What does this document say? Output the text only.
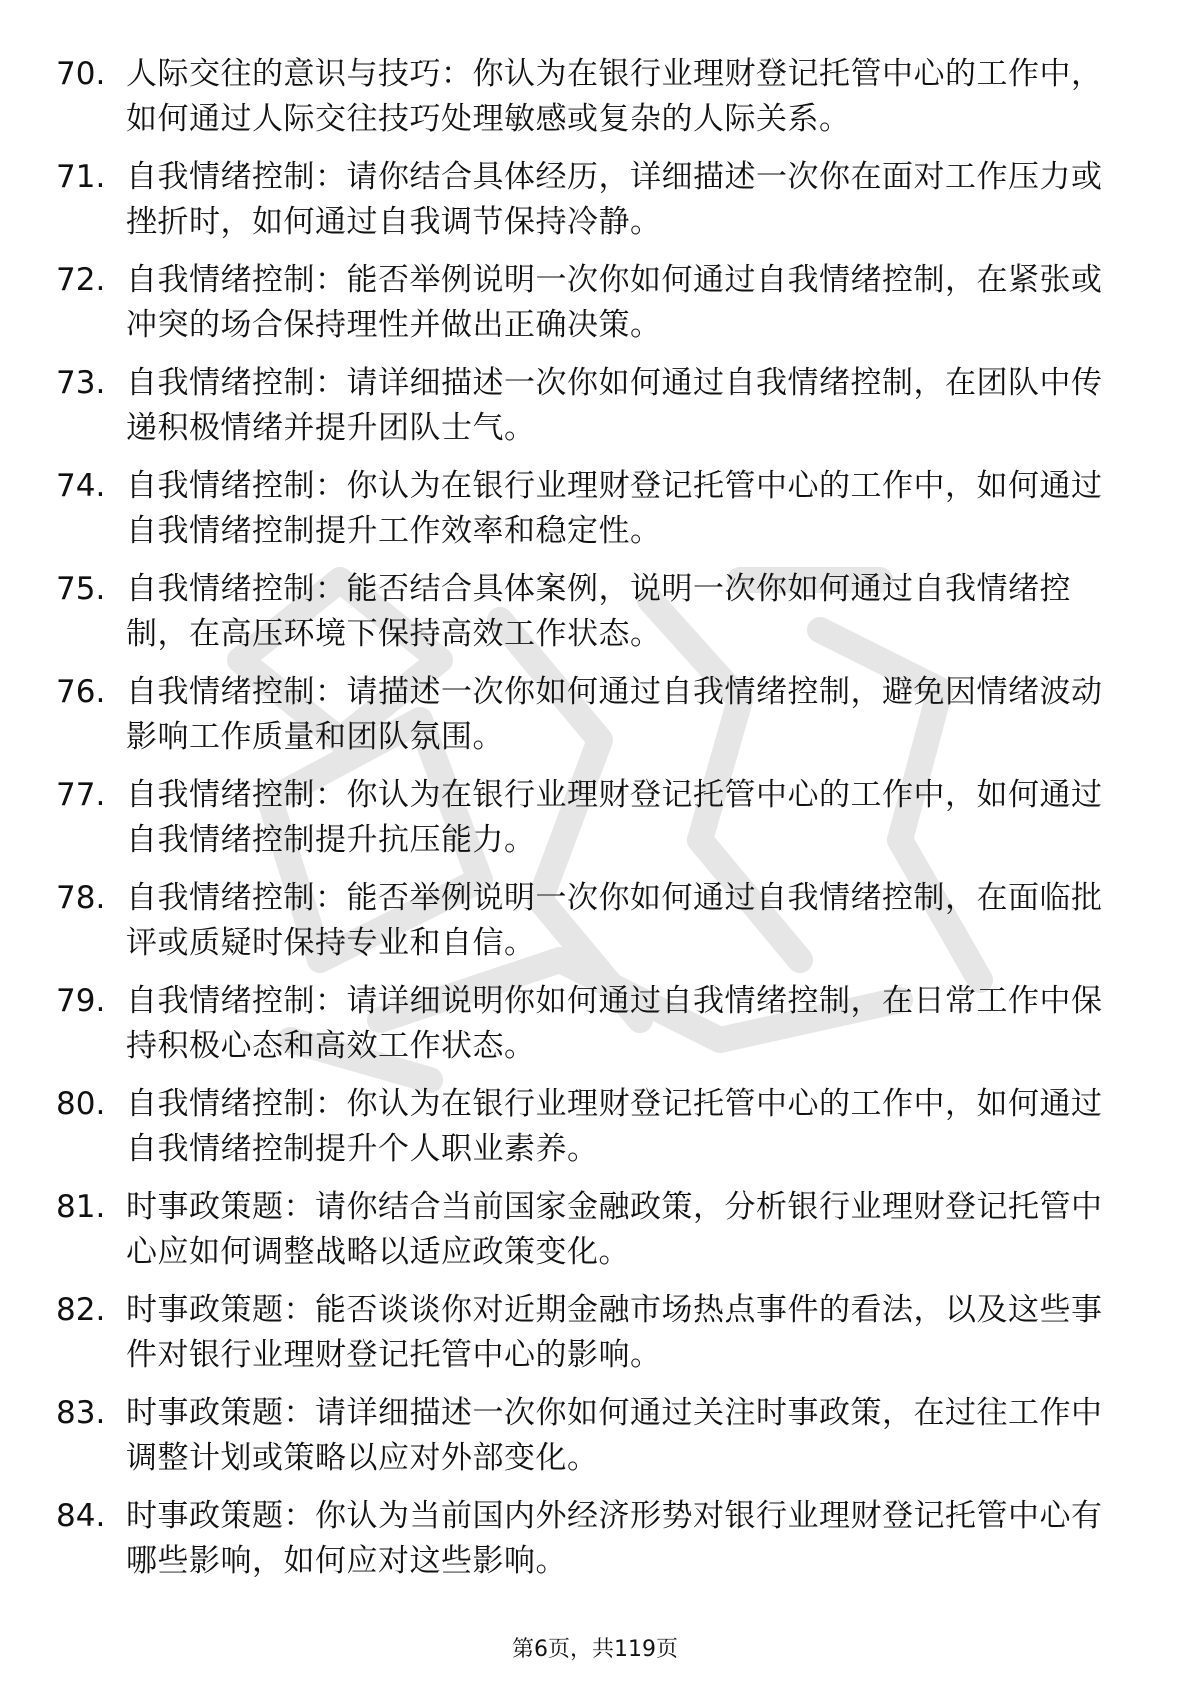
70. 人际交往的意识与技巧：你认为在银行业理财登记托管中心的工作中，如何通过人际交往技巧处理敏感或复杂的人际关系。
71. 自我情绪控制：请你结合具体经历，详细描述一次你在面对工作压力或挫折时，如何通过自我调节保持冷静。
72. 自我情绪控制：能否举例说明一次你如何通过自我情绪控制，在紧张或冲突的场合保持理性并做出正确决策。
73. 自我情绪控制：请详细描述一次你如何通过自我情绪控制，在团队中传递积极情绪并提升团队士气。
74. 自我情绪控制：你认为在银行业理财登记托管中心的工作中，如何通过自我情绪控制提升工作效率和稳定性。
75. 自我情绪控制：能否结合具体案例，说明一次你如何通过自我情绪控制，在高压环境下保持高效工作状态。
76. 自我情绪控制：请描述一次你如何通过自我情绪控制，避免因情绪波动影响工作质量和团队氛围。
77. 自我情绪控制：你认为在银行业理财登记托管中心的工作中，如何通过自我情绪控制提升抗压能力。
78. 自我情绪控制：能否举例说明一次你如何通过自我情绪控制，在面临批评或质疑时保持专业和自信。
79. 自我情绪控制：请详细说明你如何通过自我情绪控制，在日常工作中保持积极心态和高效工作状态。
80. 自我情绪控制：你认为在银行业理财登记托管中心的工作中，如何通过自我情绪控制提升个人职业素养。
81. 时事政策题：请你结合当前国家金融政策，分析银行业理财登记托管中心应如何调整战略以适应政策变化。
82. 时事政策题：能否谈谈你对近期金融市场热点事件的看法，以及这些事件对银行业理财登记托管中心的影响。
83. 时事政策题：请详细描述一次你如何通过关注时事政策，在过往工作中调整计划或策略以应对外部变化。
84. 时事政策题：你认为当前国内外经济形势对银行业理财登记托管中心有哪些影响，如何应对这些影响。
第6页，共119页
